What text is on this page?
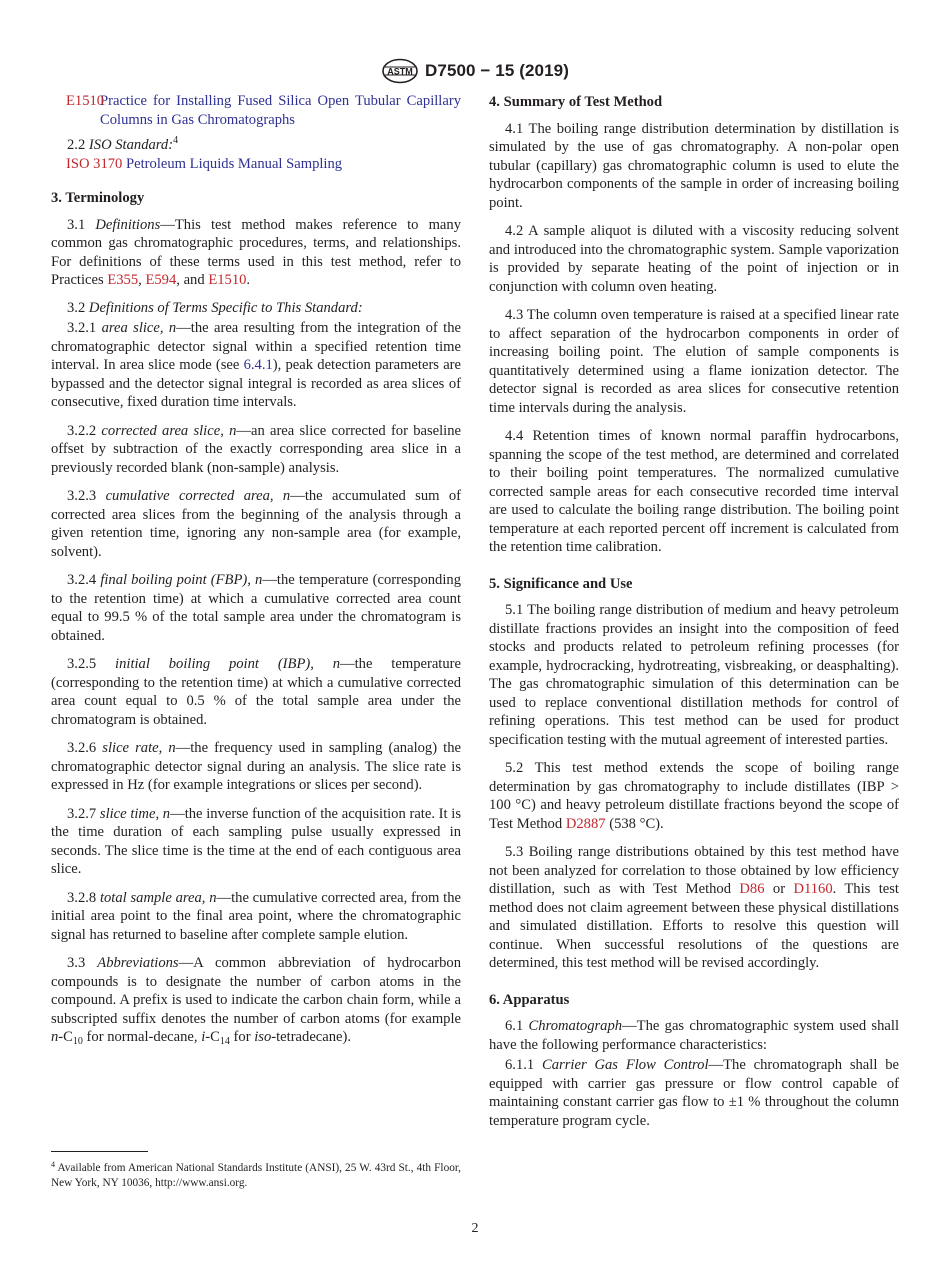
ASTM D7500 − 15 (2019)

E1510
Practice for Installing Fused Silica Open Tubular Capillary Columns in Gas Chromatographs

2.2 ISO Standard:$^4$

ISO 3170 Petroleum Liquids Manual Sampling

3. Terminology

3.1 Definitions—This test method makes reference to many common gas chromatographic procedures, terms, and relationships. For definitions of these terms used in this test method, refer to Practices E355, E594, and E1510.

3.2 Definitions of Terms Specific to This Standard:

3.2.1 area slice, n—the area resulting from the integration of the chromatographic detector signal within a specified retention time interval. In area slice mode (see 6.4.1), peak detection parameters are bypassed and the detector signal integral is recorded as area slices of consecutive, fixed duration time intervals.

3.2.2 corrected area slice, n—an area slice corrected for baseline offset by subtraction of the exactly corresponding area slice in a previously recorded blank (non-sample) analysis.

3.2.3 cumulative corrected area, n—the accumulated sum of corrected area slices from the beginning of the analysis through a given retention time, ignoring any non-sample area (for example, solvent).

3.2.4 final boiling point (FBP), n—the temperature (corresponding to the retention time) at which a cumulative corrected area count equal to 99.5 % of the total sample area under the chromatogram is obtained.

3.2.5 initial boiling point (IBP), n—the temperature (corresponding to the retention time) at which a cumulative corrected area count equal to 0.5 % of the total sample area under the chromatogram is obtained.

3.2.6 slice rate, n—the frequency used in sampling (analog) the chromatographic detector signal during an analysis. The slice rate is expressed in Hz (for example integrations or slices per second).

3.2.7 slice time, n—the inverse function of the acquisition rate. It is the time duration of each sampling pulse usually expressed in seconds. The slice time is the time at the end of each contiguous area slice.

3.2.8 total sample area, n—the cumulative corrected area, from the initial area point to the final area point, where the chromatographic signal has returned to baseline after complete sample elution.

3.3 Abbreviations—A common abbreviation of hydrocarbon compounds is to designate the number of carbon atoms in the compound. A prefix is used to indicate the carbon chain form, while a subscripted suffix denotes the number of carbon atoms (for example $n-C_{10}$ for normal-decane, $i-C_{14}$ for iso-tetradecane).

$^4$ Available from American National Standards Institute (ANSI), 25 W. 43rd St., 4th Floor, New York, NY 10036, http://www.ansi.org.
4. Summary of Test Method

4.1 The boiling range distribution determination by distillation is simulated by the use of gas chromatography. A non-polar open tubular (capillary) gas chromatographic column is used to elute the hydrocarbon components of the sample in order of increasing boiling point.

4.2 A sample aliquot is diluted with a viscosity reducing solvent and introduced into the chromatographic system. Sample vaporization is provided by separate heating of the point of injection or in conjunction with column oven heating.

4.3 The column oven temperature is raised at a specified linear rate to affect separation of the hydrocarbon components in order of increasing boiling point. The elution of sample components is quantitatively determined using a flame ionization detector. The detector signal is recorded as area slices for consecutive retention time intervals during the analysis.

4.4 Retention times of known normal paraffin hydrocarbons, spanning the scope of the test method, are determined and correlated to their boiling point temperatures. The normalized cumulative corrected sample areas for each consecutive recorded time interval are used to calculate the boiling range distribution. The boiling point temperature at each reported percent off increment is calculated from the retention time calibration.

5. Significance and Use

5.1 The boiling range distribution of medium and heavy petroleum distillate fractions provides an insight into the composition of feed stocks and products related to petroleum refining processes (for example, hydrocracking, hydrotreating, visbreaking, or deasphalting). The gas chromatographic simulation of this determination can be used to replace conventional distillation methods for control of refining operations. This test method can be used for product specification testing with the mutual agreement of interested parties.

5.2 This test method extends the scope of boiling range determination by gas chromatography to include distillates (IBP > 100 °C) and heavy petroleum distillate fractions beyond the scope of Test Method D2887 (538 °C).

5.3 Boiling range distributions obtained by this test method have not been analyzed for correlation to those obtained by low efficiency distillation, such as with Test Method D86 or D1160. This test method does not claim agreement between these physical distillations and simulated distillation. Efforts to resolve this question will continue. When successful resolutions of the questions are determined, this test method will be revised accordingly.

6. Apparatus

6.1 Chromatograph—The gas chromatographic system used shall have the following performance characteristics:

6.1.1 Carrier Gas Flow Control—The chromatograph shall be equipped with carrier gas pressure or flow control capable of maintaining constant carrier gas flow to ±1 % throughout the column temperature program cycle.

2
